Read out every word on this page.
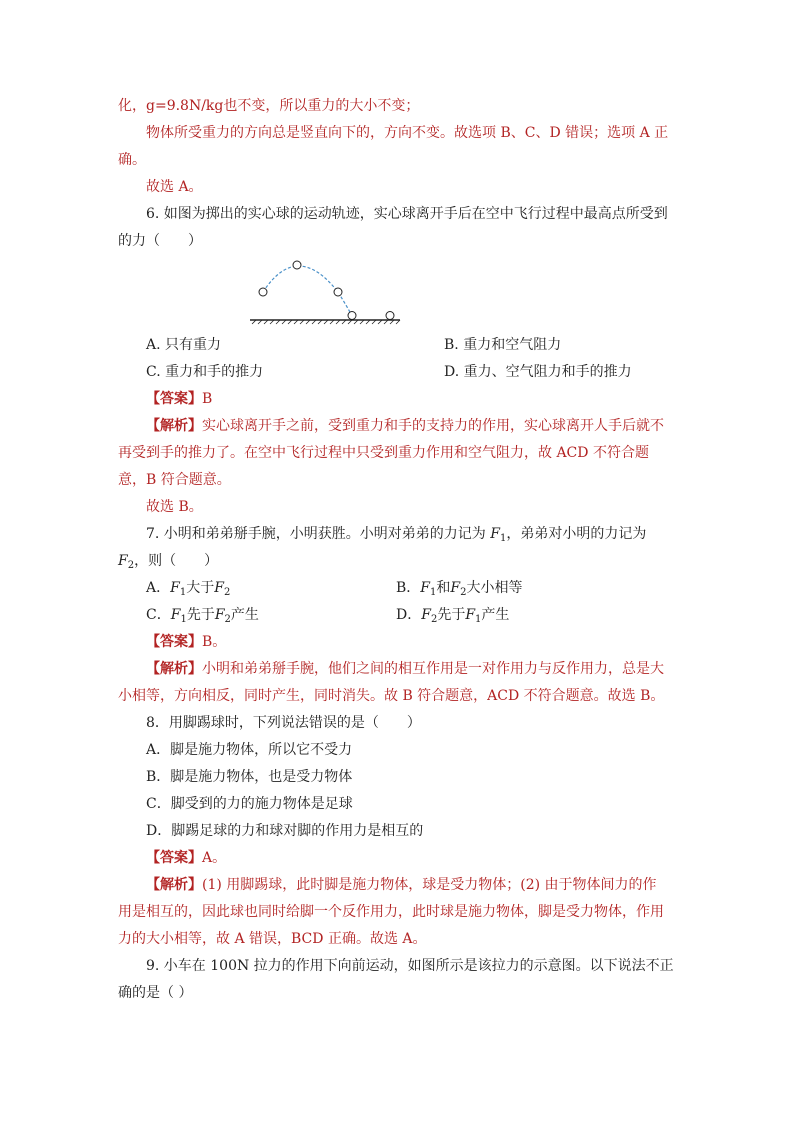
化，g=9.8N/kg也不变，所以重力的大小不变；
物体所受重力的方向总是竖直向下的，方向不变。故选项 B、C、D 错误；选项 A 正
确。
故选 A。
6. 如图为掷出的实心球的运动轨迹，实心球离开手后在空中飞行过程中最高点所受到
的力（　　）
A. 只有重力	B. 重力和空气阻力
C. 重力和手的推力	D. 重力、空气阻力和手的推力
【答案】B
【解析】实心球离开手之前，受到重力和手的支持力的作用，实心球离开人手后就不
再受到手的推力了。在空中飞行过程中只受到重力作用和空气阻力，故 ACD 不符合题
意，B 符合题意。
故选 B。
7. 小明和弟弟掰手腕，小明获胜。小明对弟弟的力记为 $F_1$，弟弟对小明的力记为
$F_2$，则（　　）
A．$F_1$大于$F_2$	B．$F_1$和$F_2$大小相等
C．$F_1$先于$F_2$产生	D．$F_2$先于$F_1$产生
【答案】B。
【解析】小明和弟弟掰手腕，他们之间的相互作用是一对作用力与反作用力，总是大
小相等，方向相反，同时产生，同时消失。故 B 符合题意，ACD 不符合题意。故选 B。
8．用脚踢球时，下列说法错误的是（　　）
A．脚是施力物体，所以它不受力
B．脚是施力物体，也是受力物体
C．脚受到的力的施力物体是足球
D．脚踢足球的力和球对脚的作用力是相互的
【答案】A。
【解析】(1) 用脚踢球，此时脚是施力物体，球是受力物体；(2) 由于物体间力的作
用是相互的，因此球也同时给脚一个反作用力，此时球是施力物体，脚是受力物体，作用
力的大小相等，故 A 错误，BCD 正确。故选 A。
9. 小车在 100N 拉力的作用下向前运动，如图所示是该拉力的示意图。以下说法不正
确的是（ ）
